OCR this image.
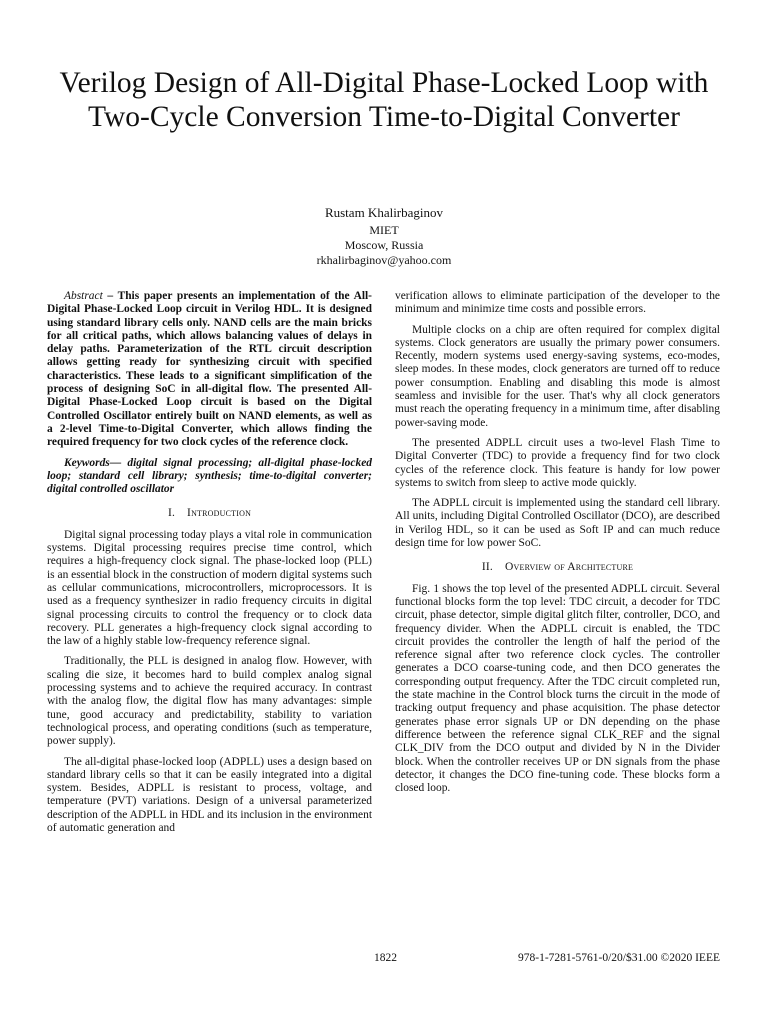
Verilog Design of All-Digital Phase-Locked Loop with Two-Cycle Conversion Time-to-Digital Converter
Rustam Khalirbaginov
MIET
Moscow, Russia
rkhalirbaginov@yahoo.com

Abstract – This paper presents an implementation of the All-Digital Phase-Locked Loop circuit in Verilog HDL. It is designed using standard library cells only. NAND cells are the main bricks for all critical paths, which allows balancing values of delays in delay paths. Parameterization of the RTL circuit description allows getting ready for synthesizing circuit with specified characteristics. These leads to a significant simplification of the process of designing SoC in all-digital flow. The presented All-Digital Phase-Locked Loop circuit is based on the Digital Controlled Oscillator entirely built on NAND elements, as well as a 2-level Time-to-Digital Converter, which allows finding the required frequency for two clock cycles of the reference clock.

Keywords— digital signal processing; all-digital phase-locked loop; standard cell library; synthesis; time-to-digital converter; digital controlled oscillator

I. Introduction

Digital signal processing today plays a vital role in communication systems. Digital processing requires precise time control, which requires a high-frequency clock signal. The phase-locked loop (PLL) is an essential block in the construction of modern digital systems such as cellular communications, microcontrollers, microprocessors. It is used as a frequency synthesizer in radio frequency circuits in digital signal processing circuits to control the frequency or to clock data recovery. PLL generates a high-frequency clock signal according to the law of a highly stable low-frequency reference signal.

Traditionally, the PLL is designed in analog flow. However, with scaling die size, it becomes hard to build complex analog signal processing systems and to achieve the required accuracy. In contrast with the analog flow, the digital flow has many advantages: simple tune, good accuracy and predictability, stability to variation technological process, and operating conditions (such as temperature, power supply).

The all-digital phase-locked loop (ADPLL) uses a design based on standard library cells so that it can be easily integrated into a digital system. Besides, ADPLL is resistant to process, voltage, and temperature (PVT) variations. Design of a universal parameterized description of the ADPLL in HDL and its inclusion in the environment of automatic generation and

verification allows to eliminate participation of the developer to the minimum and minimize time costs and possible errors.

Multiple clocks on a chip are often required for complex digital systems. Clock generators are usually the primary power consumers. Recently, modern systems used energy-saving systems, eco-modes, sleep modes. In these modes, clock generators are turned off to reduce power consumption. Enabling and disabling this mode is almost seamless and invisible for the user. That's why all clock generators must reach the operating frequency in a minimum time, after disabling power-saving mode.

The presented ADPLL circuit uses a two-level Flash Time to Digital Converter (TDC) to provide a frequency find for two clock cycles of the reference clock. This feature is handy for low power systems to switch from sleep to active mode quickly.

The ADPLL circuit is implemented using the standard cell library. All units, including Digital Controlled Oscillator (DCO), are described in Verilog HDL, so it can be used as Soft IP and can much reduce design time for low power SoC.

II. Overview of Architecture

Fig. 1 shows the top level of the presented ADPLL circuit. Several functional blocks form the top level: TDC circuit, a decoder for TDC circuit, phase detector, simple digital glitch filter, controller, DCO, and frequency divider. When the ADPLL circuit is enabled, the TDC circuit provides the controller the length of half the period of the reference signal after two reference clock cycles. The controller generates a DCO coarse-tuning code, and then DCO generates the corresponding output frequency. After the TDC circuit completed run, the state machine in the Control block turns the circuit in the mode of tracking output frequency and phase acquisition. The phase detector generates phase error signals UP or DN depending on the phase difference between the reference signal CLK_REF and the signal CLK_DIV from the DCO output and divided by N in the Divider block. When the controller receives UP or DN signals from the phase detector, it changes the DCO fine-tuning code. These blocks form a closed loop.

1822	978-1-7281-5761-0/20/$31.00 ©2020 IEEE
